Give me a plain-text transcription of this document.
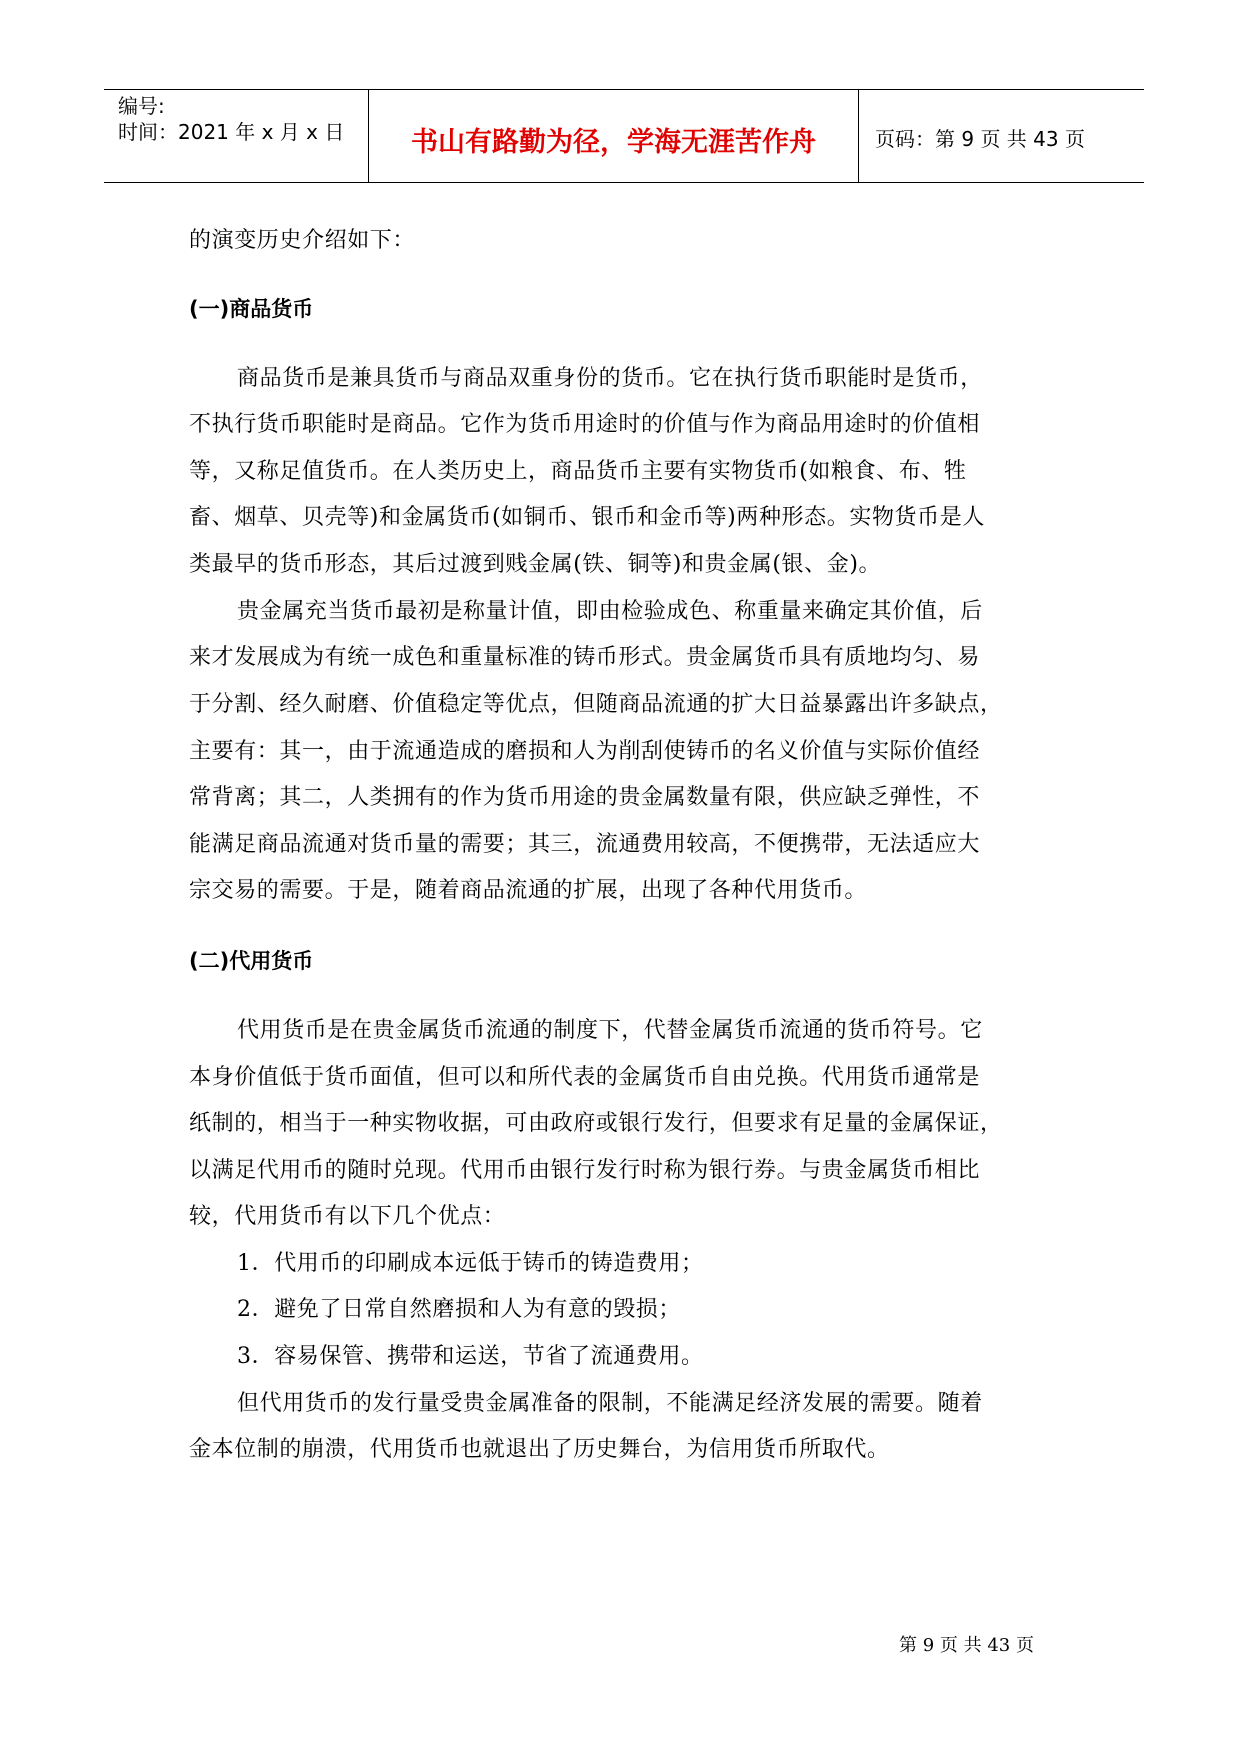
编号:
时间：2021 年 x 月 x 日	书山有路勤为径，学海无涯苦作舟	页码：第 9 页 共 43 页
的演变历史介绍如下：
(一)商品货币
商品货币是兼具货币与商品双重身份的货币。它在执行货币职能时是货币，
不执行货币职能时是商品。它作为货币用途时的价值与作为商品用途时的价值相
等，又称足值货币。在人类历史上，商品货币主要有实物货币(如粮食、布、牲
畜、烟草、贝壳等)和金属货币(如铜币、银币和金币等)两种形态。实物货币是人
类最早的货币形态，其后过渡到贱金属(铁、铜等)和贵金属(银、金)。
贵金属充当货币最初是称量计值，即由检验成色、称重量来确定其价值，后
来才发展成为有统一成色和重量标准的铸币形式。贵金属货币具有质地均匀、易
于分割、经久耐磨、价值稳定等优点，但随商品流通的扩大日益暴露出许多缺点，
主要有：其一，由于流通造成的磨损和人为削刮使铸币的名义价值与实际价值经
常背离；其二，人类拥有的作为货币用途的贵金属数量有限，供应缺乏弹性，不
能满足商品流通对货币量的需要；其三，流通费用较高，不便携带，无法适应大
宗交易的需要。于是，随着商品流通的扩展，出现了各种代用货币。
(二)代用货币
代用货币是在贵金属货币流通的制度下，代替金属货币流通的货币符号。它
本身价值低于货币面值，但可以和所代表的金属货币自由兑换。代用货币通常是
纸制的，相当于一种实物收据，可由政府或银行发行，但要求有足量的金属保证，
以满足代用币的随时兑现。代用币由银行发行时称为银行券。与贵金属货币相比
较，代用货币有以下几个优点：
1．代用币的印刷成本远低于铸币的铸造费用；
2．避免了日常自然磨损和人为有意的毁损；
3．容易保管、携带和运送，节省了流通费用。
但代用货币的发行量受贵金属准备的限制，不能满足经济发展的需要。随着
金本位制的崩溃，代用货币也就退出了历史舞台，为信用货币所取代。
第 9 页 共 43 页
